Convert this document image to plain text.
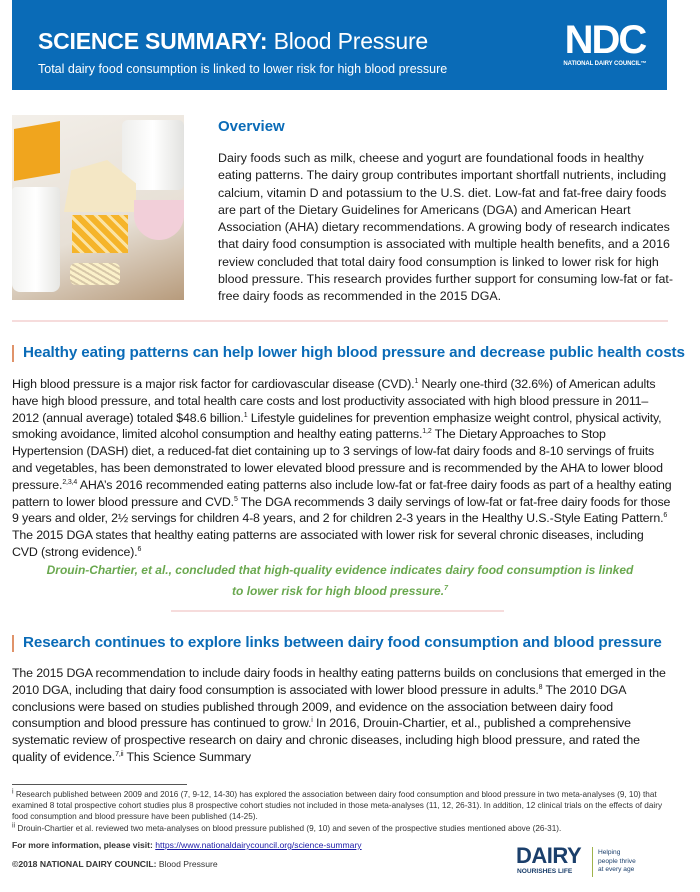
SCIENCE SUMMARY: Blood Pressure
Total dairy food consumption is linked to lower risk for high blood pressure
NDC
NATIONAL DAIRY COUNCIL™
Overview
Dairy foods such as milk, cheese and yogurt are foundational foods in healthy eating patterns. The dairy group contributes important shortfall nutrients, including calcium, vitamin D and potassium to the U.S. diet. Low-fat and fat-free dairy foods are part of the Dietary Guidelines for Americans (DGA) and American Heart Association (AHA) dietary recommendations. A growing body of research indicates that dairy food consumption is associated with multiple health benefits, and a 2016 review concluded that total dairy food consumption is linked to lower risk for high blood pressure. This research provides further support for consuming low-fat or fat-free dairy foods as recommended in the 2015 DGA.
Healthy eating patterns can help lower high blood pressure and decrease public health costs
High blood pressure is a major risk factor for cardiovascular disease (CVD).$^1$ Nearly one-third (32.6%) of American adults have high blood pressure, and total health care costs and lost productivity associated with high blood pressure in 2011–2012 (annual average) totaled $48.6 billion.$^1$ Lifestyle guidelines for prevention emphasize weight control, physical activity, smoking avoidance, limited alcohol consumption and healthy eating patterns.$^{1,2}$ The Dietary Approaches to Stop Hypertension (DASH) diet, a reduced-fat diet containing up to 3 servings of low-fat dairy foods and 8-10 servings of fruits and vegetables, has been demonstrated to lower elevated blood pressure and is recommended by the AHA to lower blood pressure.$^{2,3,4}$ AHA’s 2016 recommended eating patterns also include low-fat or fat-free dairy foods as part of a healthy eating pattern to lower blood pressure and CVD.$^5$ The DGA recommends 3 daily servings of low-fat or fat-free dairy foods for those 9 years and older, 2½ servings for children 4-8 years, and 2 for children 2-3 years in the Healthy U.S.-Style Eating Pattern.$^6$ The 2015 DGA states that healthy eating patterns are associated with lower risk for several chronic diseases, including CVD (strong evidence).$^6$
Drouin-Chartier, et al., concluded that high-quality evidence indicates dairy food consumption is linked
to lower risk for high blood pressure.$^7$
Research continues to explore links between dairy food consumption and blood pressure
The 2015 DGA recommendation to include dairy foods in healthy eating patterns builds on conclusions that emerged in the 2010 DGA, including that dairy food consumption is associated with lower blood pressure in adults.$^8$ The 2010 DGA conclusions were based on studies published through 2009, and evidence on the association between dairy food consumption and blood pressure has continued to grow.$^i$ In 2016, Drouin-Chartier, et al., published a comprehensive systematic review of prospective research on dairy and chronic diseases, including high blood pressure, and rated the quality of evidence.$^{7,ii}$ This Science Summary
$^i$ Research published between 2009 and 2016 (7, 9-12, 14-30) has explored the association between dairy food consumption and blood pressure in two meta-analyses (9, 10) that examined 8 total prospective cohort studies plus 8 prospective cohort studies not included in those meta-analyses (11, 12, 26-31). In addition, 12 clinical trials on the effects of dairy food consumption and blood pressure have been published (14-25).
$^{ii}$ Drouin-Chartier et al. reviewed two meta-analyses on blood pressure published (9, 10) and seven of the prospective studies mentioned above (26-31).
For more information, please visit: https://www.nationaldairycouncil.org/science-summary
©2018 NATIONAL DAIRY COUNCIL: Blood Pressure	DAIRY
NOURISHES LIFE
Helping
people thrive
at every age
